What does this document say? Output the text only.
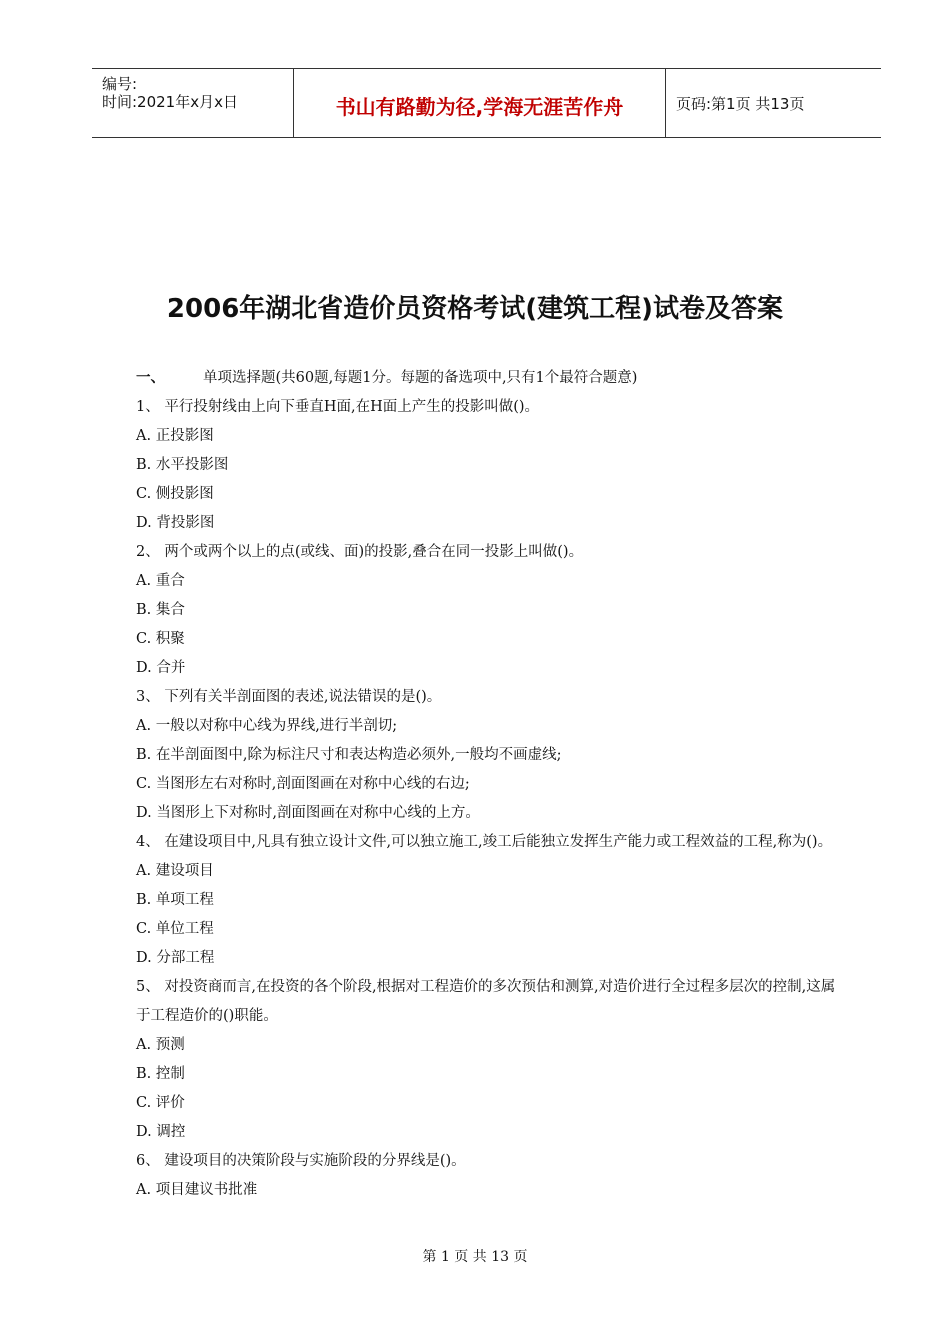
编号:
时间:2021年x月x日	书山有路勤为径,学海无涯苦作舟	页码:第1页 共13页
2006年湖北省造价员资格考试(建筑工程)试卷及答案
一、	单项选择题(共60题,每题1分。每题的备选项中,只有1个最符合题意)
1、 平行投射线由上向下垂直H面,在H面上产生的投影叫做()。
A. 正投影图
B. 水平投影图
C. 侧投影图
D. 背投影图
2、 两个或两个以上的点(或线、面)的投影,叠合在同一投影上叫做()。
A. 重合
B. 集合
C. 积聚
D. 合并
3、 下列有关半剖面图的表述,说法错误的是()。
A. 一般以对称中心线为界线,进行半剖切;
B. 在半剖面图中,除为标注尺寸和表达构造必须外,一般均不画虚线;
C. 当图形左右对称时,剖面图画在对称中心线的右边;
D. 当图形上下对称时,剖面图画在对称中心线的上方。
4、 在建设项目中,凡具有独立设计文件,可以独立施工,竣工后能独立发挥生产能力或工程效益的工程,称为()。
A. 建设项目
B. 单项工程
C. 单位工程
D. 分部工程
5、 对投资商而言,在投资的各个阶段,根据对工程造价的多次预估和测算,对造价进行全过程多层次的控制,这属于工程造价的()职能。
A. 预测
B. 控制
C. 评价
D. 调控
6、 建设项目的决策阶段与实施阶段的分界线是()。
A. 项目建议书批准
第 1 页 共 13 页
